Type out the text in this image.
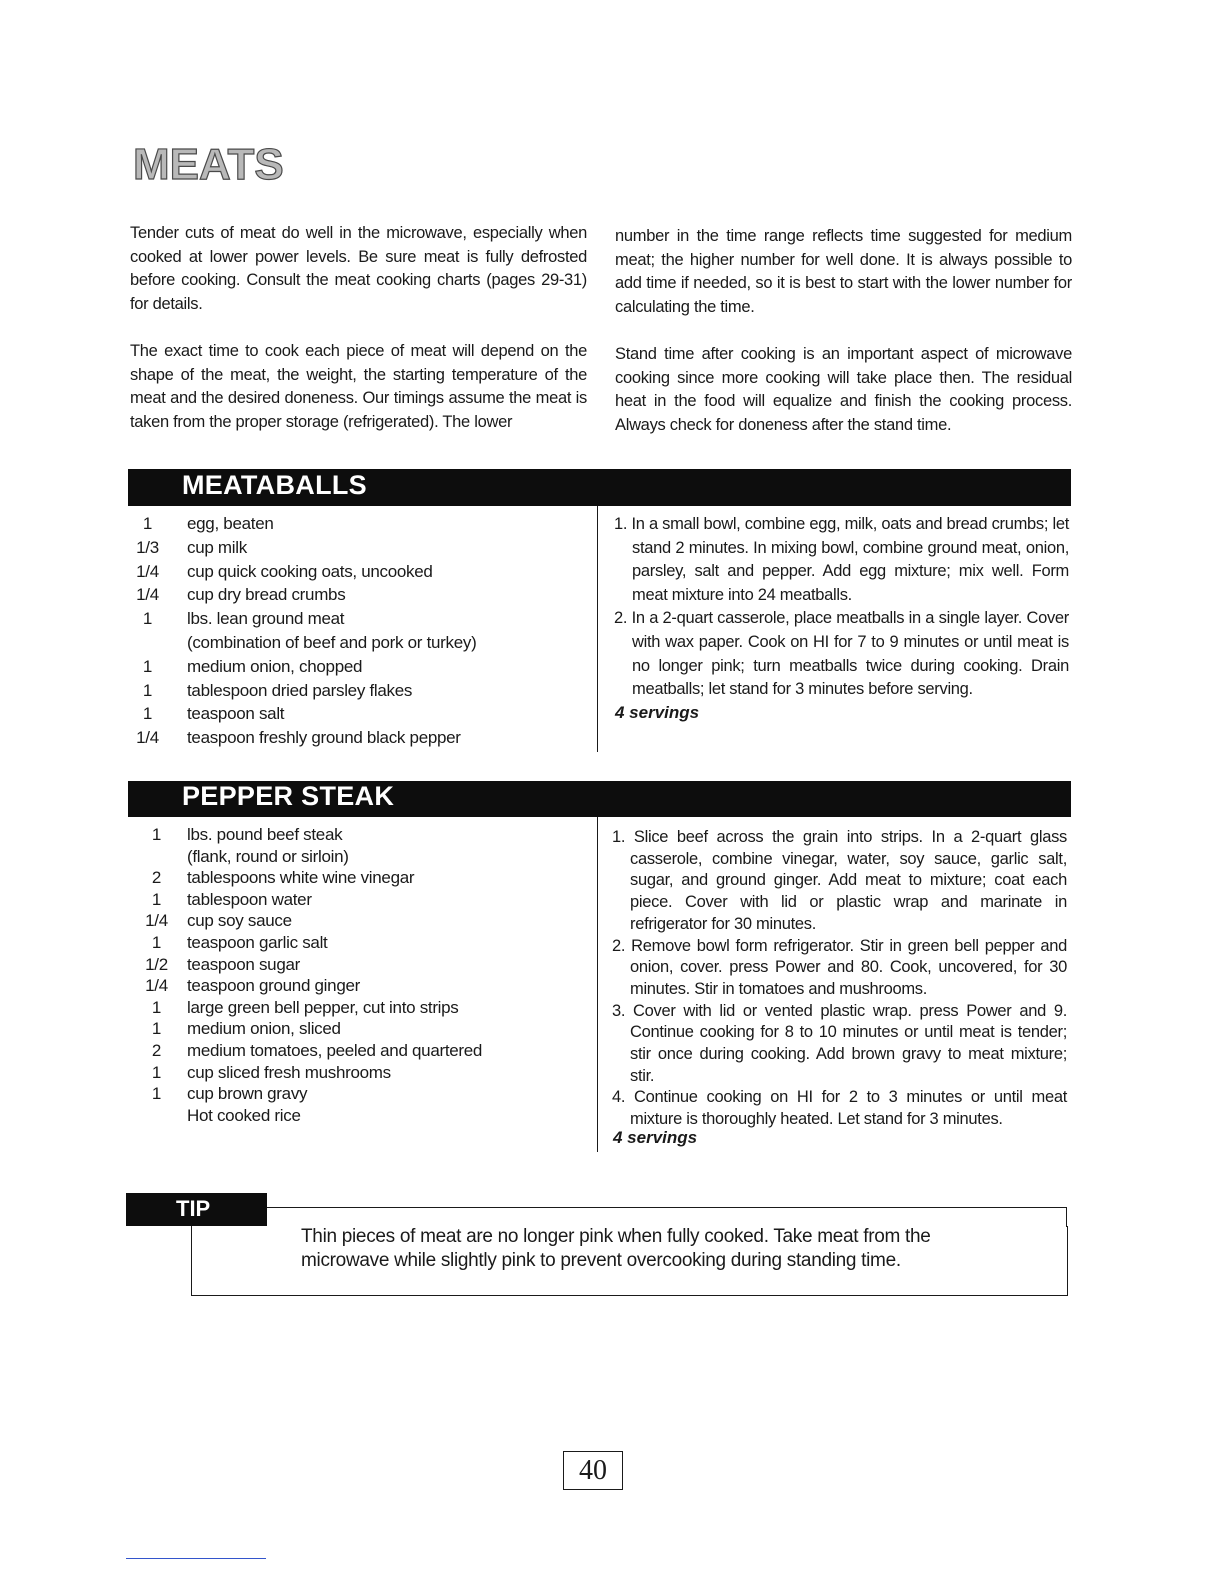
MEATS

Tender cuts of meat do well in the microwave, especially when cooked at lower power levels. Be sure meat is fully defrosted before cooking. Consult the meat cooking charts (pages 29-31) for details.

The exact time to cook each piece of meat will depend on the shape of the meat, the weight, the starting temperature of the meat and the desired doneness. Our timings assume the meat is taken from the proper storage (refrigerated). The lower

number in the time range reflects time suggested for medium meat; the higher number for well done. It is always possible to add time if needed, so it is best to start with the lower number for calculating the time.

Stand time after cooking is an important aspect of microwave cooking since more cooking will take place then. The residual heat in the food will equalize and finish the cooking process. Always check for doneness after the stand time.

MEATABALLS
1	egg, beaten
1/3	cup milk
1/4	cup quick cooking oats, uncooked
1/4	cup dry bread crumbs
1	lbs. lean ground meat
(combination of beef and pork or turkey)
1	medium onion, chopped
1	tablespoon dried parsley flakes
1	teaspoon salt
1/4	teaspoon freshly ground black pepper
1. In a small bowl, combine egg, milk, oats and bread crumbs; let stand 2 minutes. In mixing bowl, combine ground meat, onion, parsley, salt and pepper. Add egg mixture; mix well. Form meat mixture into 24 meatballs.
2. In a 2-quart casserole, place meatballs in a single layer. Cover with wax paper. Cook on HI for 7 to 9 minutes or until meat is no longer pink; turn meatballs twice during cooking. Drain meatballs; let stand for 3 minutes before serving.
4 servings
PEPPER STEAK
1	lbs. pound beef steak
(flank, round or sirloin)
2	tablespoons white wine vinegar
1	tablespoon water
1/4	cup soy sauce
1	teaspoon garlic salt
1/2	teaspoon sugar
1/4	teaspoon ground ginger
1	large green bell pepper, cut into strips
1	medium onion, sliced
2	medium tomatoes, peeled and quartered
1	cup sliced fresh mushrooms
1	cup brown gravy
Hot cooked rice
1. Slice beef across the grain into strips. In a 2-quart glass casserole, combine vinegar, water, soy sauce, garlic salt, sugar, and ground ginger. Add meat to mixture; coat each piece. Cover with lid or plastic wrap and marinate in refrigerator for 30 minutes.
2. Remove bowl form refrigerator. Stir in green bell pepper and onion, cover. press Power and 80. Cook, uncovered, for 30 minutes. Stir in tomatoes and mushrooms.
3. Cover with lid or vented plastic wrap. press Power and 9. Continue cooking for 8 to 10 minutes or until meat is tender; stir once during cooking. Add brown gravy to meat mixture; stir.
4. Continue cooking on HI for 2 to 3 minutes or until meat mixture is thoroughly heated. Let stand for 3 minutes.
4 servings
TIP

Thin pieces of meat are no longer pink when fully cooked. Take meat from the microwave while slightly pink to prevent overcooking during standing time.

40
